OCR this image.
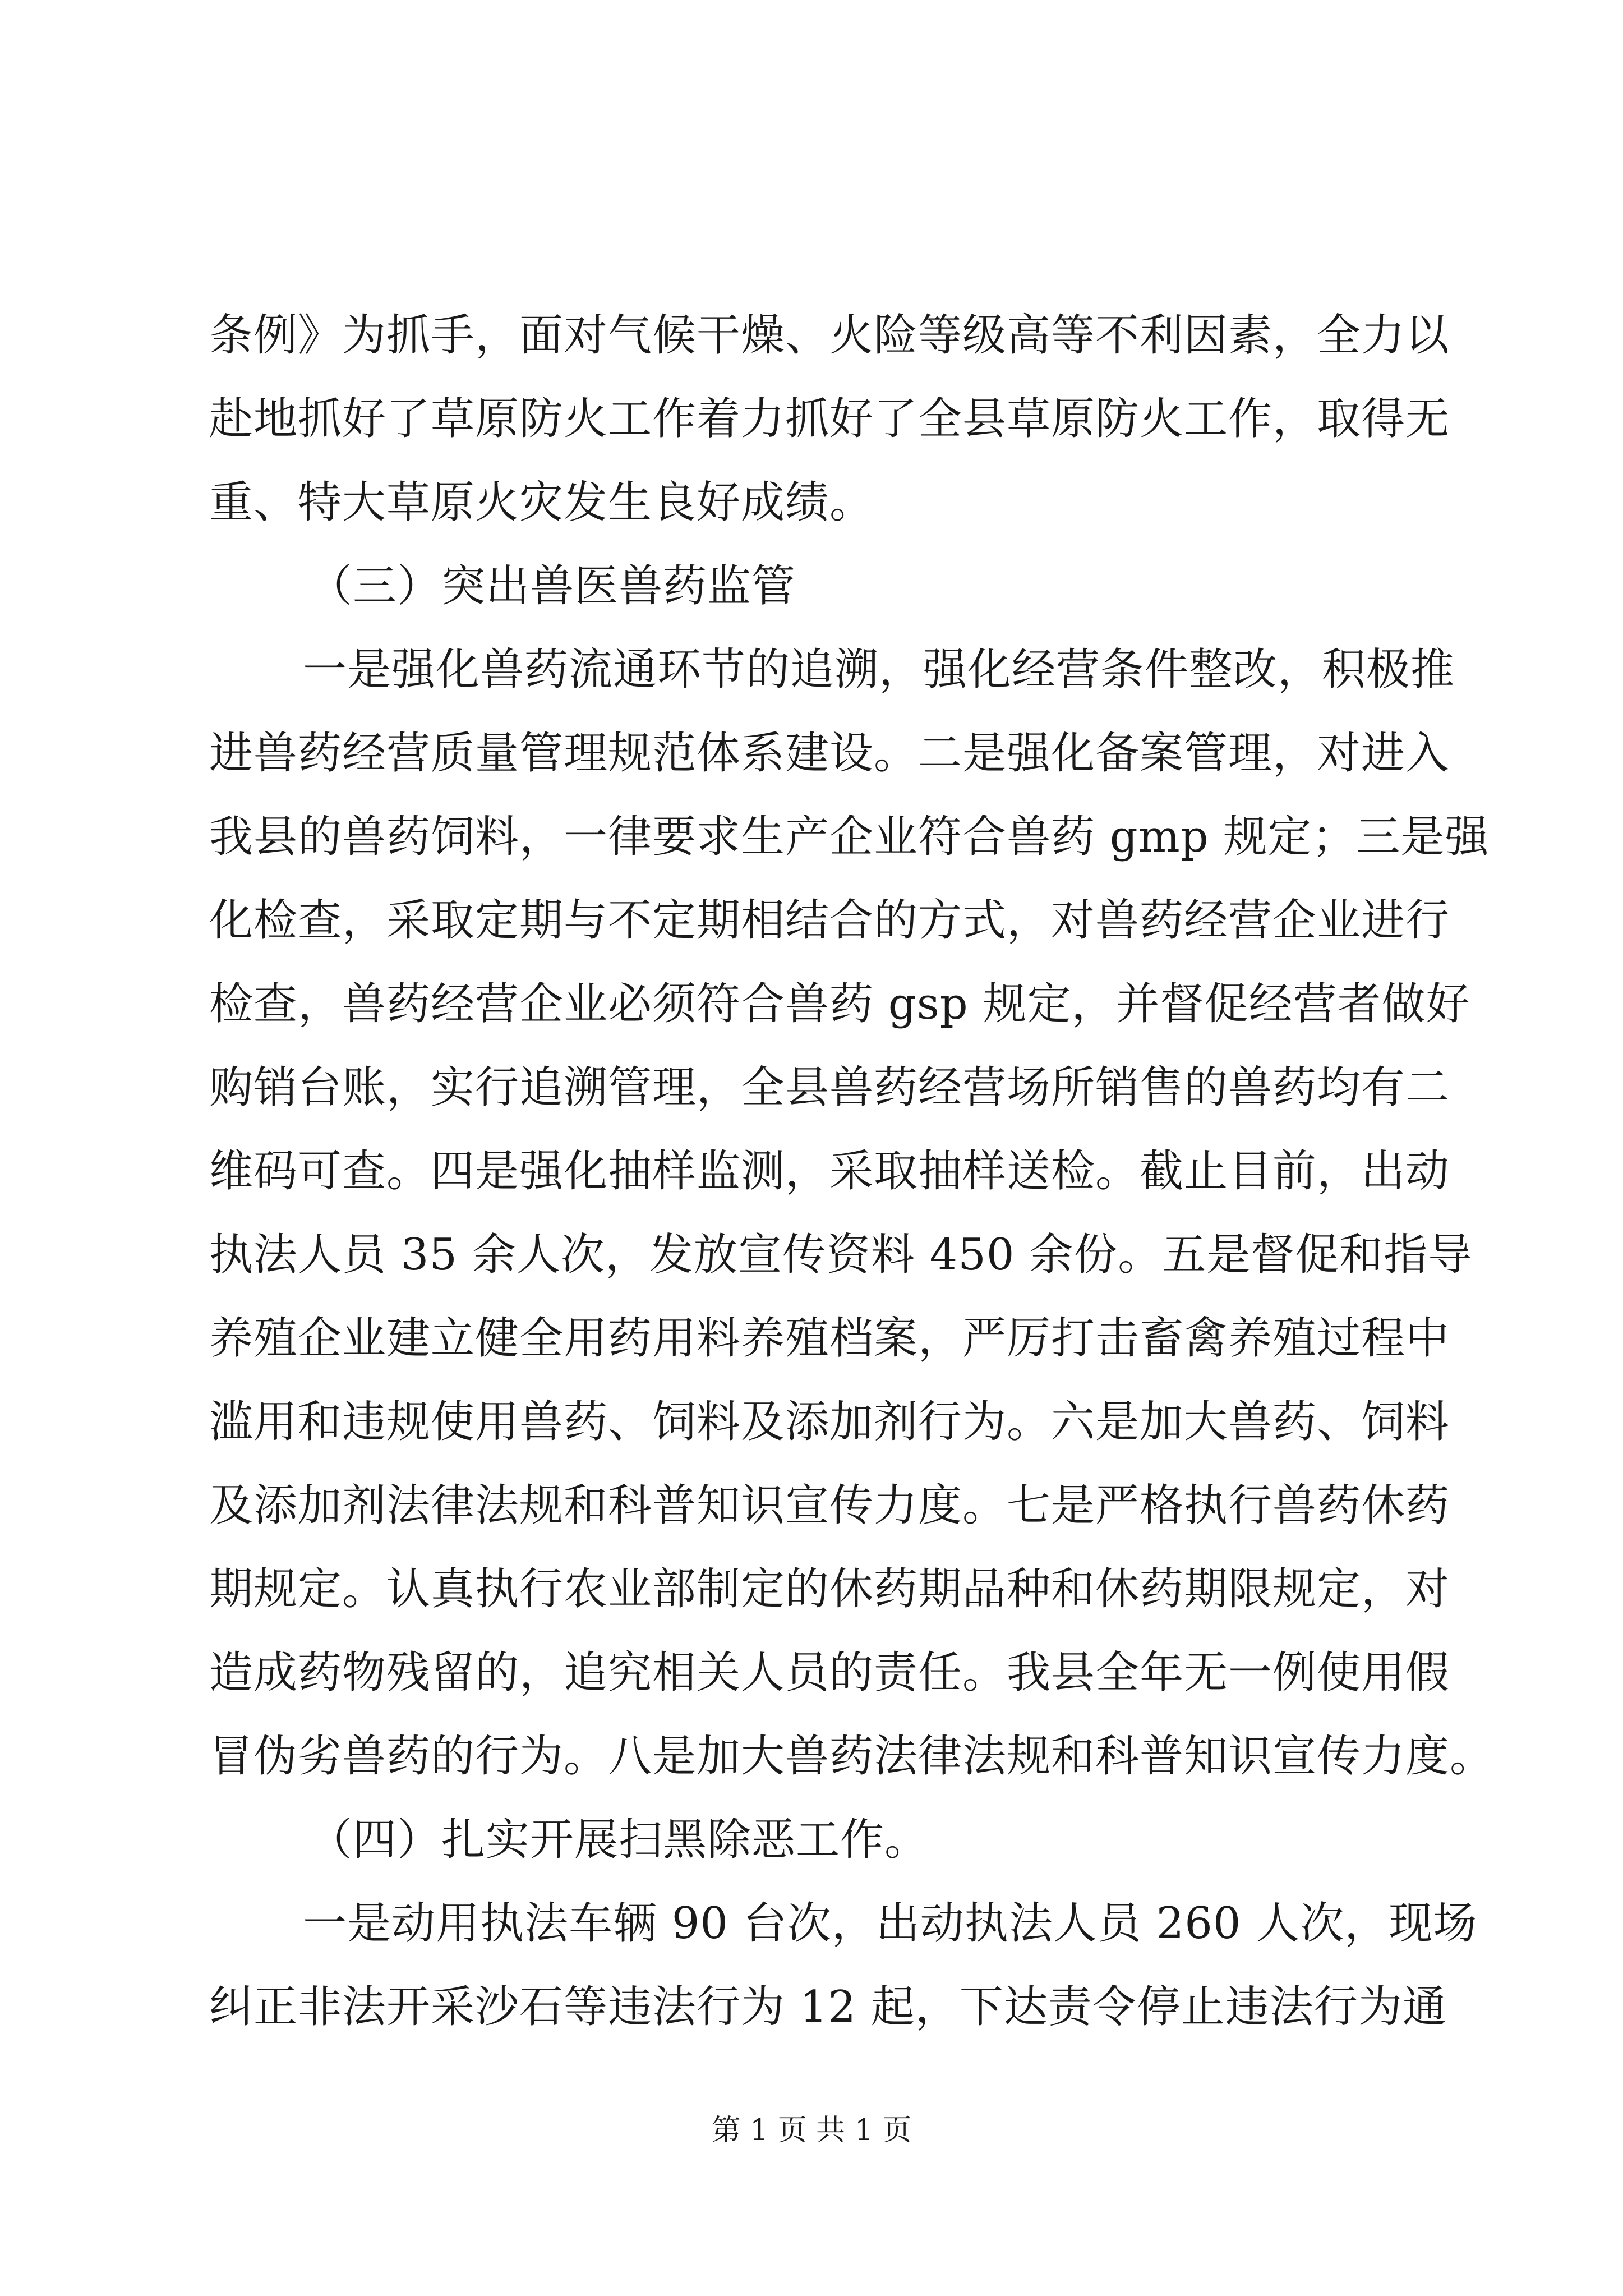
条例》为抓手，面对气候干燥、火险等级高等不利因素，全力以
赴地抓好了草原防火工作着力抓好了全县草原防火工作，取得无
重、特大草原火灾发生良好成绩。
（三）突出兽医兽药监管
一是强化兽药流通环节的追溯，强化经营条件整改，积极推
进兽药经营质量管理规范体系建设。二是强化备案管理，对进入
我县的兽药饲料，一律要求生产企业符合兽药 gmp 规定；三是强
化检查，采取定期与不定期相结合的方式，对兽药经营企业进行
检查，兽药经营企业必须符合兽药 gsp 规定，并督促经营者做好
购销台账，实行追溯管理，全县兽药经营场所销售的兽药均有二
维码可查。四是强化抽样监测，采取抽样送检。截止目前，出动
执法人员 35 余人次，发放宣传资料 450 余份。五是督促和指导
养殖企业建立健全用药用料养殖档案，严厉打击畜禽养殖过程中
滥用和违规使用兽药、饲料及添加剂行为。六是加大兽药、饲料
及添加剂法律法规和科普知识宣传力度。七是严格执行兽药休药
期规定。认真执行农业部制定的休药期品种和休药期限规定，对
造成药物残留的，追究相关人员的责任。我县全年无一例使用假
冒伪劣兽药的行为。八是加大兽药法律法规和科普知识宣传力度。
（四）扎实开展扫黑除恶工作。
一是动用执法车辆 90 台次，出动执法人员 260 人次，现场
纠正非法开采沙石等违法行为 12 起，下达责令停止违法行为通
第 1 页 共 1 页
